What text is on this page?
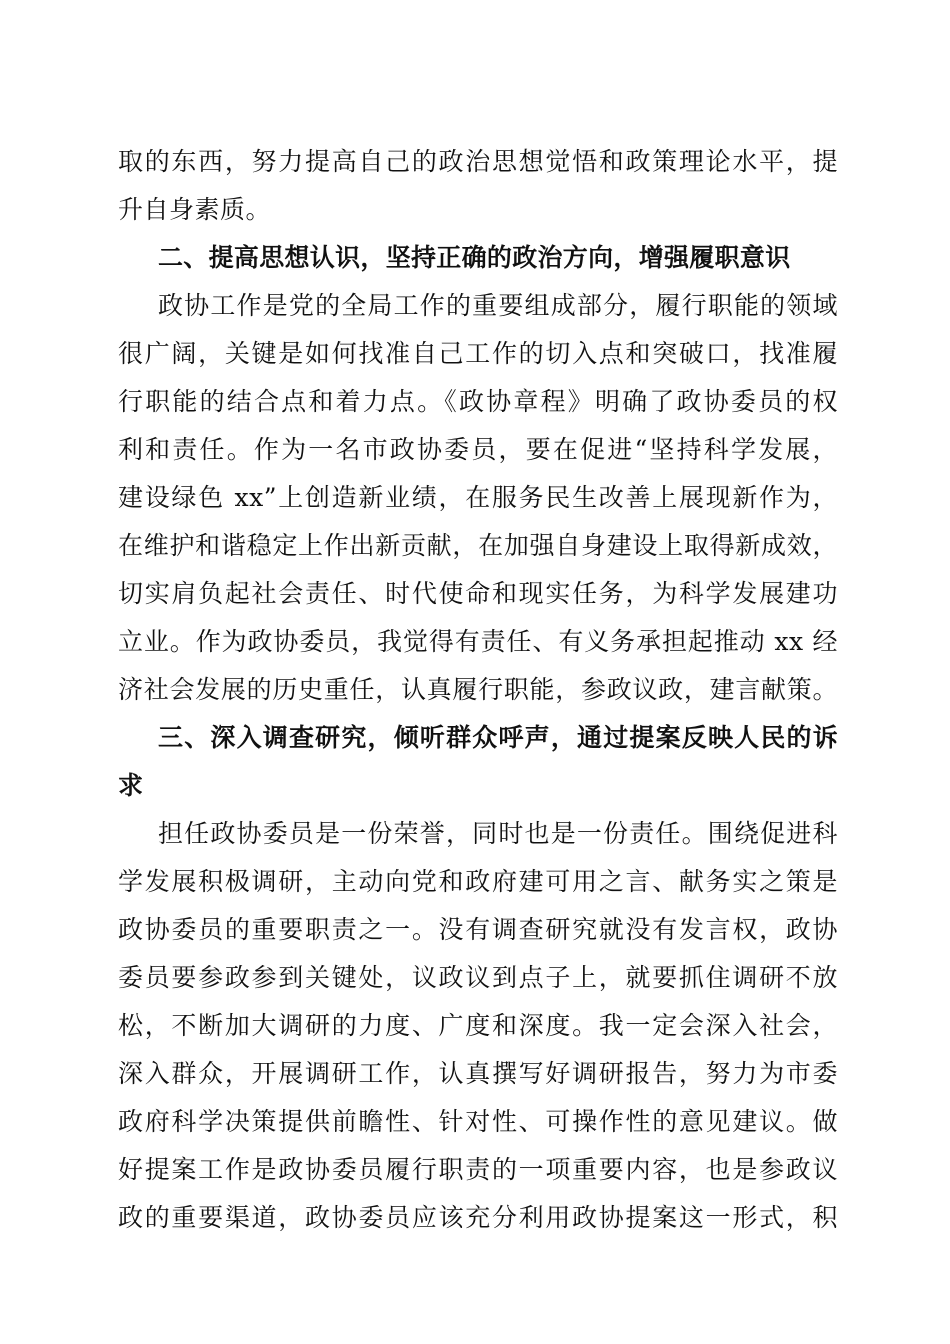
取的东西，努力提高自己的政治思想觉悟和政策理论水平，提
升自身素质。
二、提高思想认识，坚持正确的政治方向，增强履职意识
政协工作是党的全局工作的重要组成部分，履行职能的领域
很广阔，关键是如何找准自己工作的切入点和突破口，找准履
行职能的结合点和着力点。《政协章程》明确了政协委员的权
利和责任。作为一名市政协委员，要在促进“坚持科学发展，
建设绿色 xx”上创造新业绩，在服务民生改善上展现新作为，
在维护和谐稳定上作出新贡献，在加强自身建设上取得新成效，
切实肩负起社会责任、时代使命和现实任务，为科学发展建功
立业。作为政协委员，我觉得有责任、有义务承担起推动 xx 经
济社会发展的历史重任，认真履行职能，参政议政，建言献策。
三、深入调查研究，倾听群众呼声，通过提案反映人民的诉
求
担任政协委员是一份荣誉，同时也是一份责任。围绕促进科
学发展积极调研，主动向党和政府建可用之言、献务实之策是
政协委员的重要职责之一。没有调查研究就没有发言权，政协
委员要参政参到关键处，议政议到点子上，就要抓住调研不放
松，不断加大调研的力度、广度和深度。我一定会深入社会，
深入群众，开展调研工作，认真撰写好调研报告，努力为市委
政府科学决策提供前瞻性、针对性、可操作性的意见建议。做
好提案工作是政协委员履行职责的一项重要内容，也是参政议
政的重要渠道，政协委员应该充分利用政协提案这一形式，积
